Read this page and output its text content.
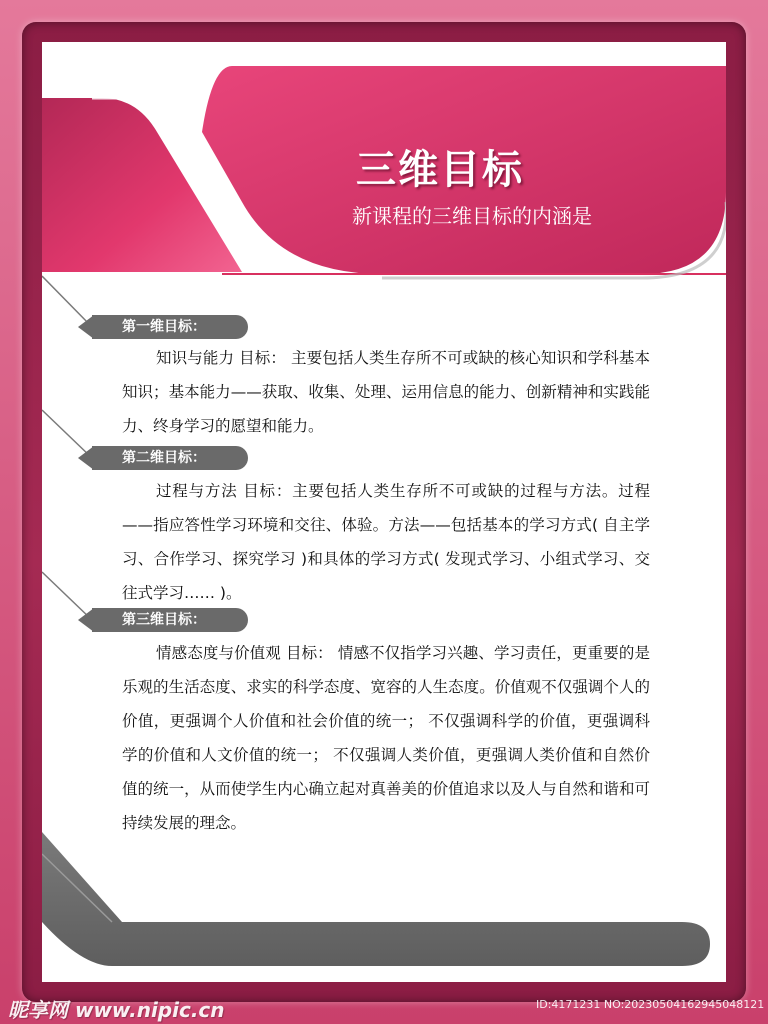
三维目标
新课程的三维目标的内涵是
第一维目标：

知识与能力 目标： 主要包括人类生存所不可或缺的核心知识和学科基本知识；基本能力——获取、收集、处理、运用信息的能力、创新精神和实践能力、终身学习的愿望和能力。

第二维目标：

过程与方法 目标：主要包括人类生存所不可或缺的过程与方法。过程——指应答性学习环境和交往、体验。方法——包括基本的学习方式( 自主学习、合作学习、探究学习 )和具体的学习方式( 发现式学习、小组式学习、交往式学习…… )。

第三维目标：

情感态度与价值观 目标： 情感不仅指学习兴趣、学习责任，更重要的是乐观的生活态度、求实的科学态度、宽容的人生态度。价值观不仅强调个人的价值，更强调个人价值和社会价值的统一； 不仅强调科学的价值，更强调科学的价值和人文价值的统一； 不仅强调人类价值，更强调人类价值和自然价值的统一，从而使学生内心确立起对真善美的价值追求以及人与自然和谐和可持续发展的理念。

昵享网 www.nipic.cn	ID:4171231 NO:20230504162945048121
